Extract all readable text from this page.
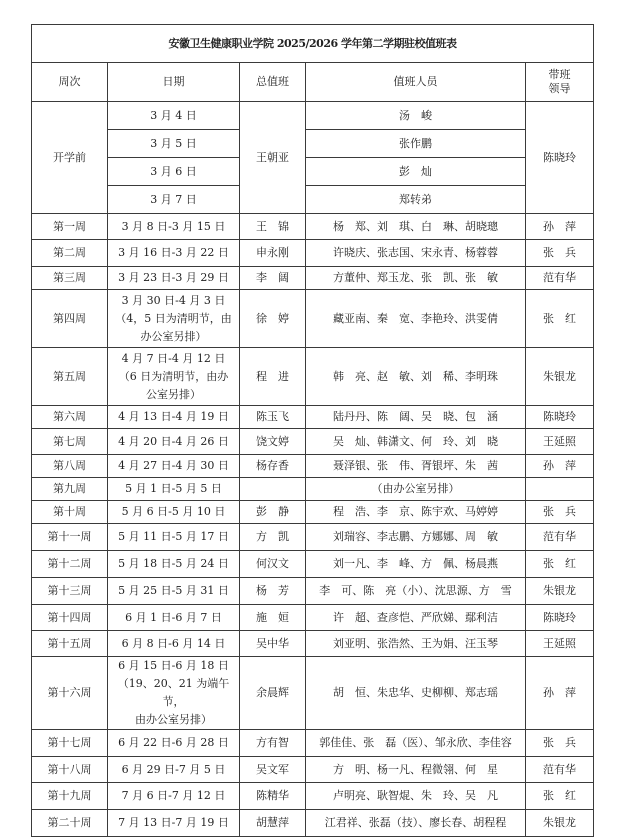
安徽卫生健康职业学院 2025/2026 学年第二学期驻校值班表				
周次	日期	总值班	值班人员	带班
领导

开学前	3 月 4 日	王朝亚	汤　峻	陈晓玲
	3 月 5 日		张作鹏	
	3 月 6 日		彭　灿	
	3 月 7 日		郑转弟	
第一周	3 月 8 日-3 月 15 日	王　锦	杨　郑、刘　琪、白　琳、胡晓璁	孙　萍
第二周	3 月 16 日-3 月 22 日	申永刚	许晓庆、张志国、宋永青、杨蓉蓉	张　兵
第三周	3 月 23 日-3 月 29 日	李　阔	方董仲、郑玉龙、张　凯、张　敏	范有华
第四周	3 月 30 日-4 月 3 日
（4，5 日为清明节，由
办公室另排）	徐　婷	藏亚南、秦　宽、李艳玲、洪雯倩	张　红
第五周	4 月 7 日-4 月 12 日
（6 日为清明节，由办
公室另排）	程　进	韩　亮、赵　敏、刘　稀、李明珠	朱银龙
第六周	4 月 13 日-4 月 19 日	陈玉飞	陆丹丹、陈　阔、吴　晓、包　涵	陈晓玲
第七周	4 月 20 日-4 月 26 日	饶文婷	吴　灿、韩潇文、何　玲、刘　晓	王延照
第八周	4 月 27 日-4 月 30 日	杨存香	聂泽银、张　伟、胥银坪、朱　茜	孙　萍
第九周	5 月 1 日-5 月 5 日		（由办公室另排）	
第十周	5 月 6 日-5 月 10 日	彭　静	程　浩、李　京、陈宇欢、马婷婷	张　兵
第十一周	5 月 11 日-5 月 17 日	方　凯	刘瑞容、李志鹏、方娜娜、周　敏	范有华
第十二周	5 月 18 日-5 月 24 日	何汉文	刘一凡、李　峰、方　佩、杨晨燕	张　红
第十三周	5 月 25 日-5 月 31 日	杨　芳	李　可、陈　亮（小）、沈思源、方　雪	朱银龙
第十四周	6 月 1 日-6 月 7 日	施　姮	许　超、查彦恺、严欣娣、鄢利洁	陈晓玲
第十五周	6 月 8 日-6 月 14 日	吴中华	刘亚明、张浩然、王为娟、汪玉琴	王延照
第十六周	6 月 15 日-6 月 18 日
（19、20、21 为端午节，
由办公室另排）	余晨辉	胡　恒、朱忠华、史柳柳、郑志瑶	孙　萍
第十七周	6 月 22 日-6 月 28 日	方有智	郭佳佳、张　磊（医）、邹永欣、李佳容	张　兵
第十八周	6 月 29 日-7 月 5 日	吴文军	方　明、杨一凡、程微翎、何　星	范有华
第十九周	7 月 6 日-7 月 12 日	陈精华	卢明亮、耿智焜、朱　玲、吴　凡	张　红
第二十周	7 月 13 日-7 月 19 日	胡慧萍	江君祥、张磊（技）、廖长春、胡程程	朱银龙
